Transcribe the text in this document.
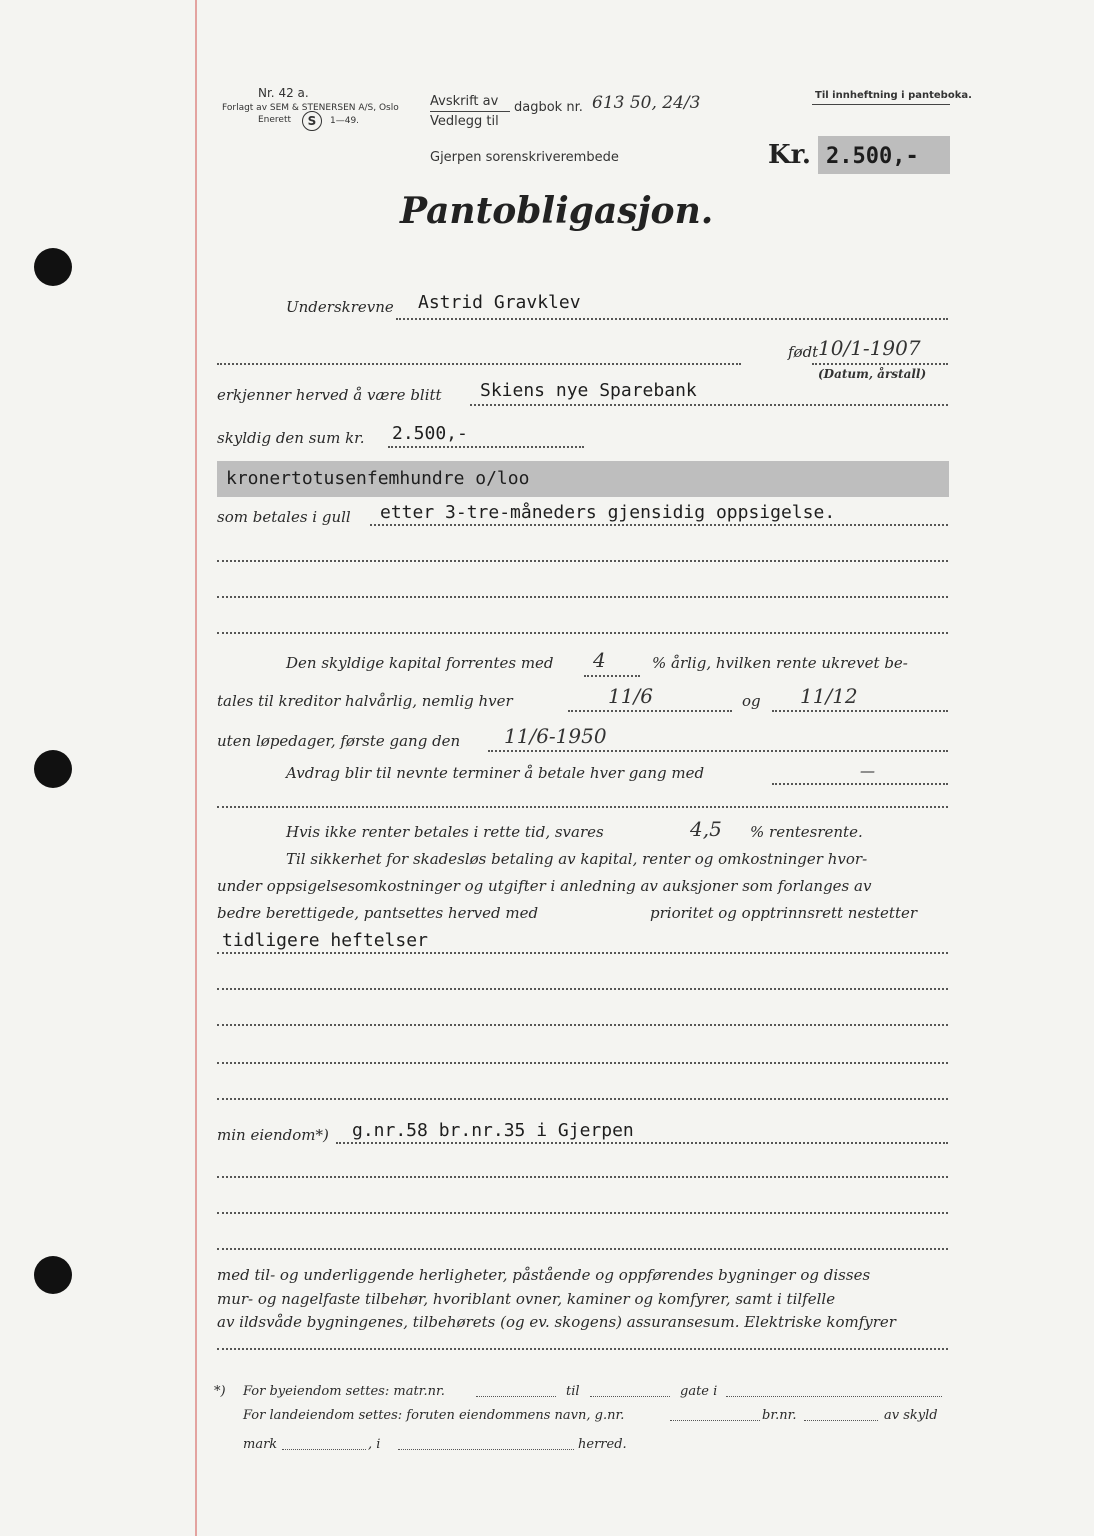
Nr. 42 a.
Forlagt av SEM & STENERSEN A/S, Oslo
Enerett	S	1—49.
Til innheftning i panteboka.
Avskrift av
Vedlegg til
dagbok nr. 613 50, 24/3
Gjerpen sorenskriverembede	Kr. 2.500,-
Pantobligasjon.
Underskrevne Astrid Gravklev
født 10/1-1907
(Datum, årstall)
erkjenner herved å være blitt Skiens nye Sparebank
skyldig den sum kr. 2.500,-
kronertotusenfemhundre o/loo
som betales i gull etter 3-tre-måneders gjensidig oppsigelse.
Den skyldige kapital forrentes med 4	% årlig, hvilken rente ukrevet be-
tales til kreditor halvårlig, nemlig hver	11/6	og 11/12
uten løpedager, første gang den 11/6-1950
Avdrag blir til nevnte terminer å betale hver gang med	—
Hvis ikke renter betales i rette tid, svares	4,5 % rentesrente.
Til sikkerhet for skadesløs betaling av kapital, renter og omkostninger hvor-
under oppsigelsesomkostninger og utgifter i anledning av auksjoner som forlanges av
bedre berettigede, pantsettes herved med	prioritet og opptrinnsrett nestetter
tidligere heftelser
min eiendom*) g.nr.58 br.nr.35 i Gjerpen
med til- og underliggende herligheter, påstående og oppførendes bygninger og disses
mur- og nagelfaste tilbehør, hvoriblant ovner, kaminer og komfyrer, samt i tilfelle
av ildsvåde bygningenes, tilbehørets (og ev. skogens) assuransesum. Elektriske komfyrer
*) For byeiendom settes: matr.nr.	til	gate i
For landeiendom settes: foruten eiendommens navn, g.nr.	br.nr.	av skyld
mark	, i	herred.
